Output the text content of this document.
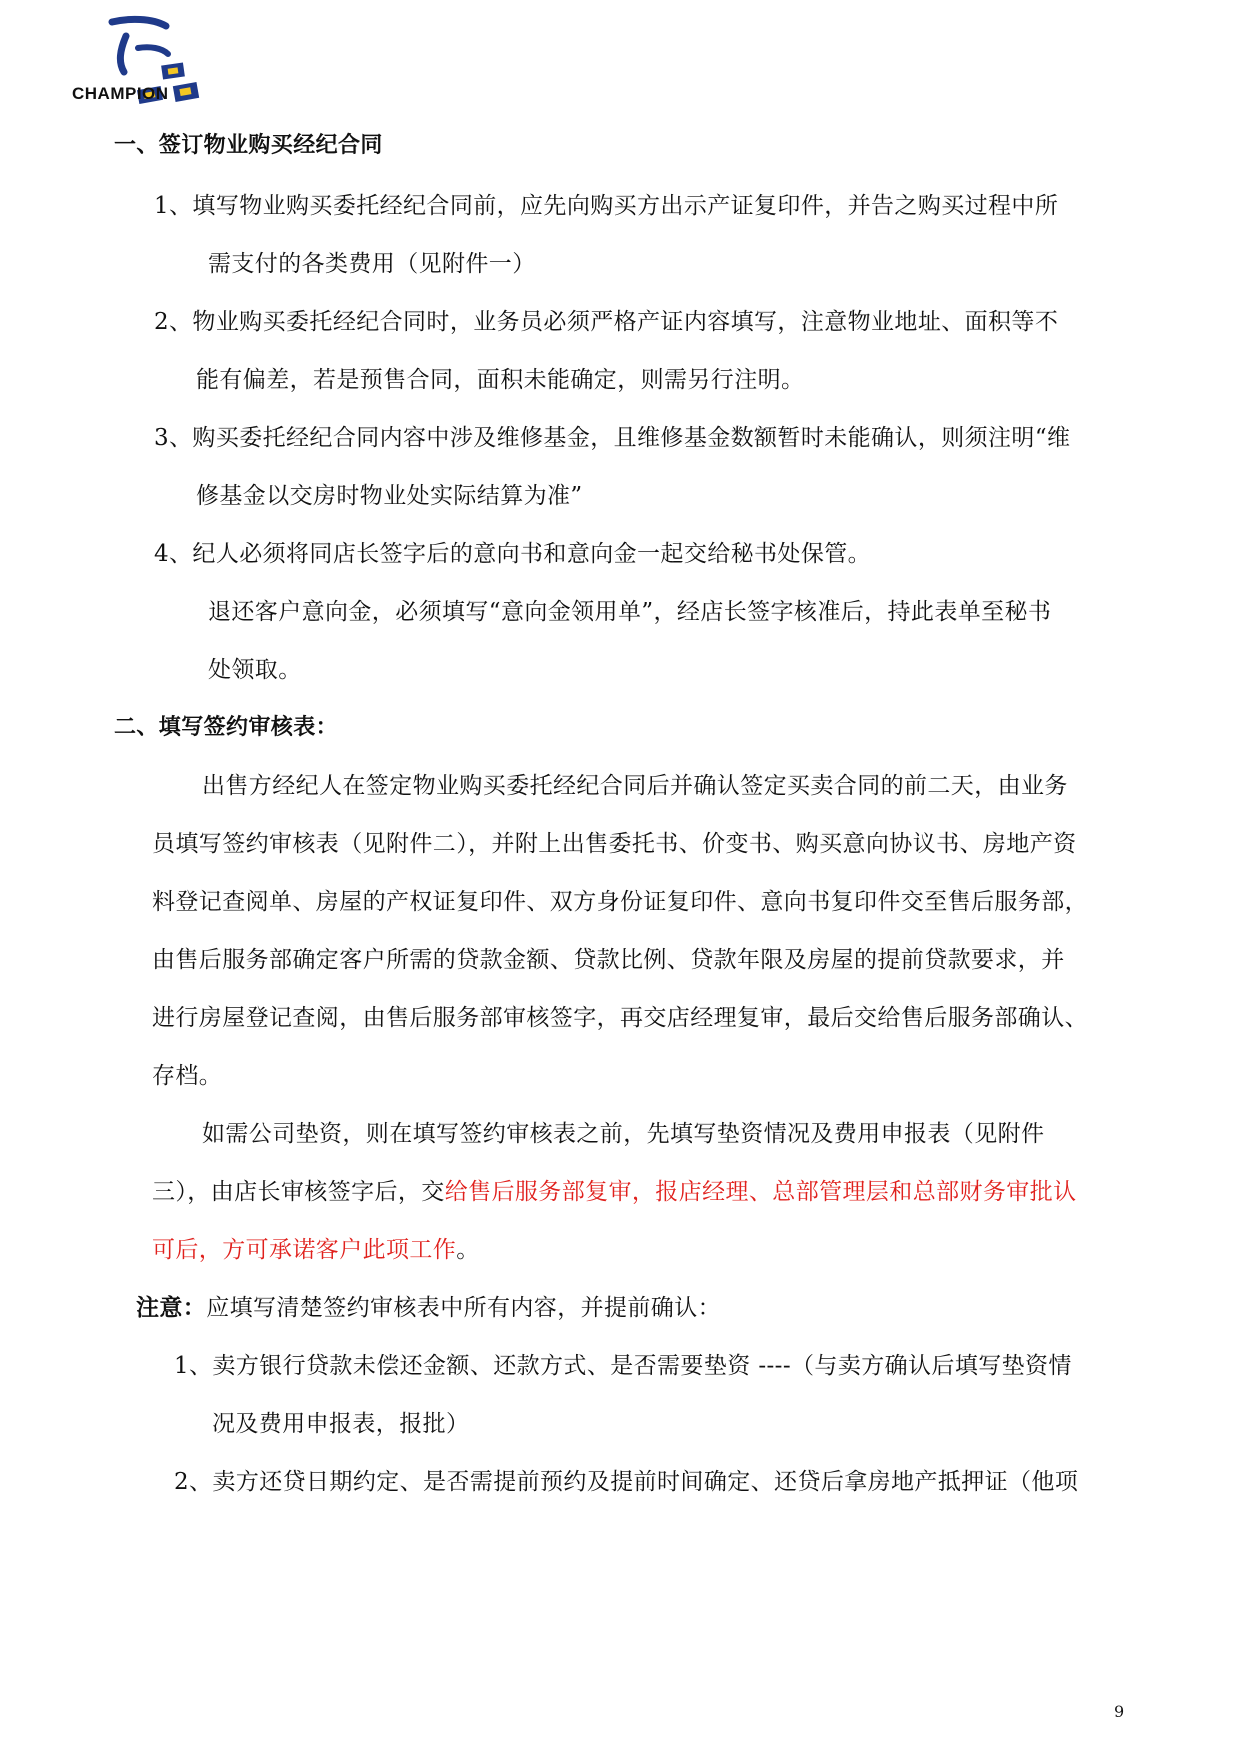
CHAMPION
一、签订物业购买经纪合同
1、填写物业购买委托经纪合同前，应先向购买方出示产证复印件，并告之购买过程中所
需支付的各类费用（见附件一）
2、物业购买委托经纪合同时，业务员必须严格产证内容填写，注意物业地址、面积等不
能有偏差，若是预售合同，面积未能确定，则需另行注明。
3、购买委托经纪合同内容中涉及维修基金，且维修基金数额暂时未能确认，则须注明“维
修基金以交房时物业处实际结算为准”
4、纪人必须将同店长签字后的意向书和意向金一起交给秘书处保管。
退还客户意向金，必须填写“意向金领用单”，经店长签字核准后，持此表单至秘书
处领取。
二、填写签约审核表：
出售方经纪人在签定物业购买委托经纪合同后并确认签定买卖合同的前二天，由业务
员填写签约审核表（见附件二），并附上出售委托书、价变书、购买意向协议书、房地产资
料登记查阅单、房屋的产权证复印件、双方身份证复印件、意向书复印件交至售后服务部，
由售后服务部确定客户所需的贷款金额、贷款比例、贷款年限及房屋的提前贷款要求，并
进行房屋登记查阅，由售后服务部审核签字，再交店经理复审，最后交给售后服务部确认、
存档。
如需公司垫资，则在填写签约审核表之前，先填写垫资情况及费用申报表（见附件
三），由店长审核签字后，交给售后服务部复审，报店经理、总部管理层和总部财务审批认
可后，方可承诺客户此项工作。
注意：应填写清楚签约审核表中所有内容，并提前确认：
1、卖方银行贷款未偿还金额、还款方式、是否需要垫资 ----（与卖方确认后填写垫资情
况及费用申报表，报批）
2、卖方还贷日期约定、是否需提前预约及提前时间确定、还贷后拿房地产抵押证（他项
9
